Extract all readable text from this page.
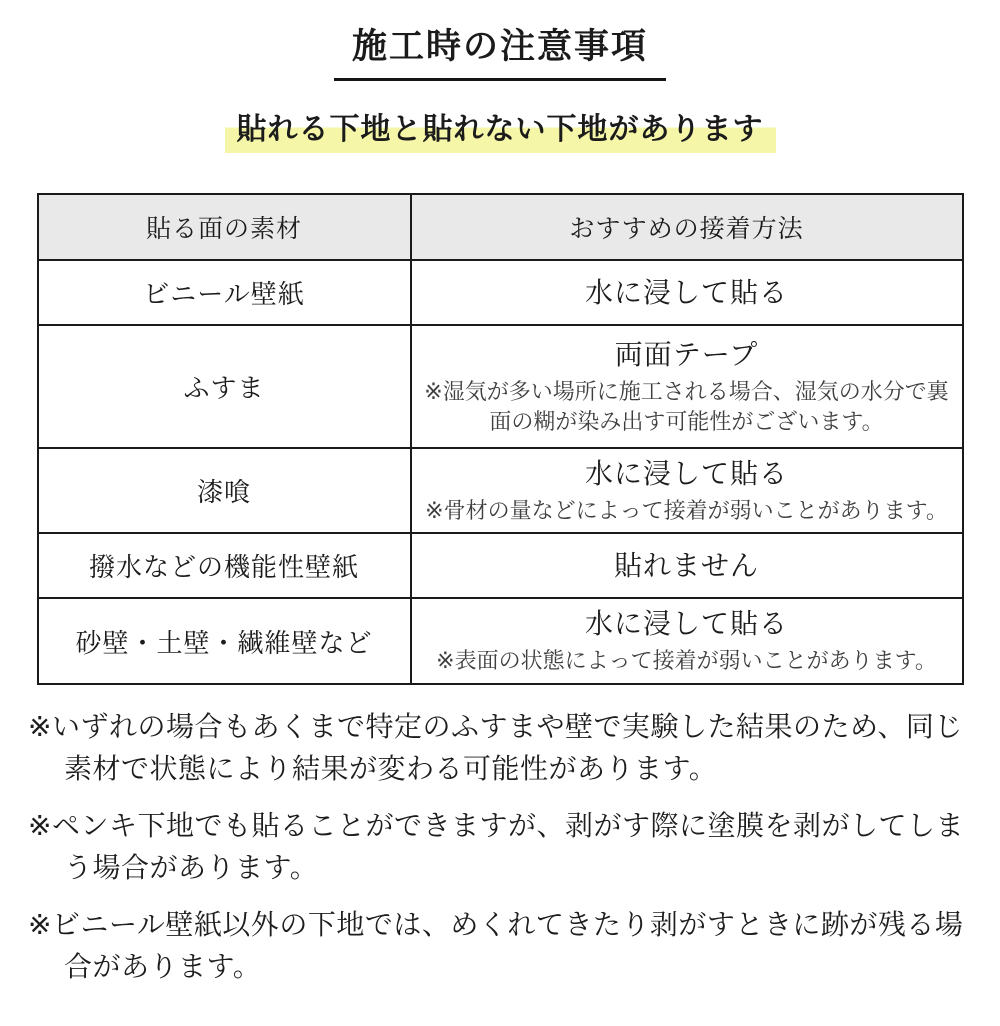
施工時の注意事項
貼れる下地と貼れない下地があります
貼る面の素材	おすすめの接着方法
ビニール壁紙	水に浸して貼る

ふすま	両面テープ
※湿気が多い場所に施工される場合、湿気の水分で裏面の糊が染み出す可能性がございます。

漆喰	水に浸して貼る
※骨材の量などによって接着が弱いことがあります。

撥水などの機能性壁紙	貼れません

砂壁・土壁・繊維壁など	水に浸して貼る
※表面の状態によって接着が弱いことがあります。

※いずれの場合もあくまで特定のふすまや壁で実験した結果のため、同じ素材で状態により結果が変わる可能性があります。

※ペンキ下地でも貼ることができますが、剥がす際に塗膜を剥がしてしまう場合があります。

※ビニール壁紙以外の下地では、めくれてきたり剥がすときに跡が残る場合があります。
